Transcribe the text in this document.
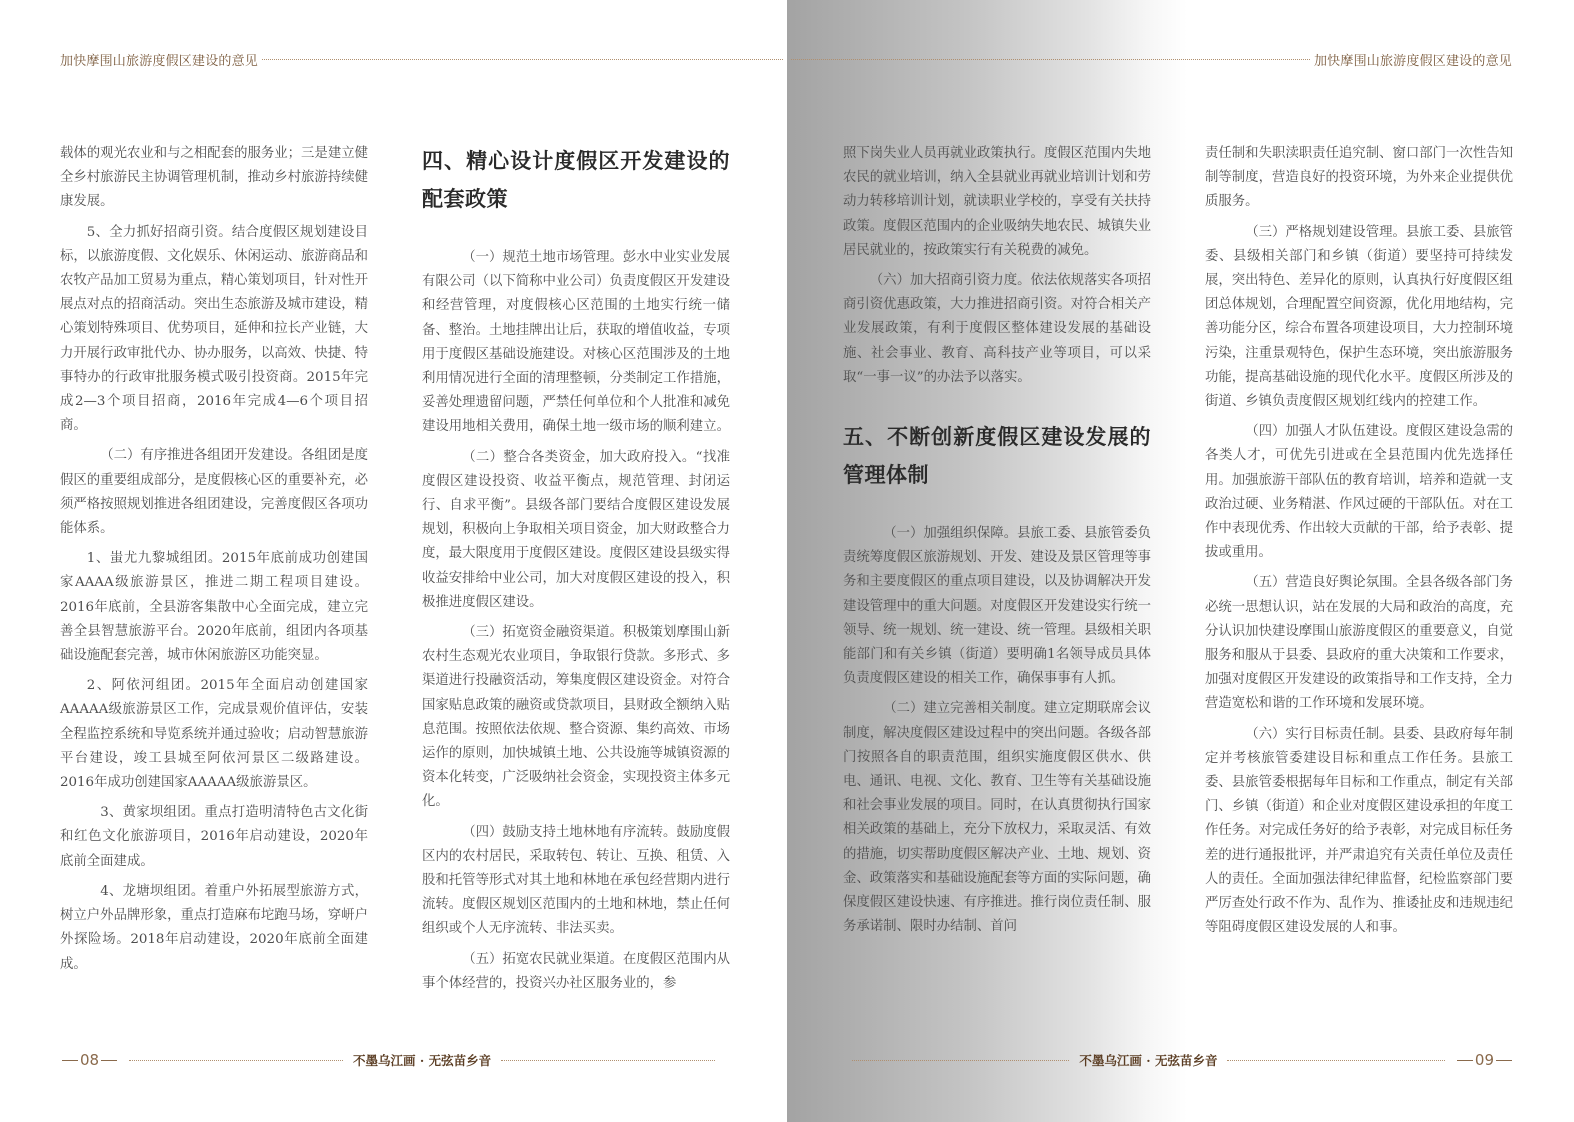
加快摩围山旅游度假区建设的意见

载体的观光农业和与之相配套的服务业；三是建立健全乡村旅游民主协调管理机制，推动乡村旅游持续健康发展。

5、全力抓好招商引资。结合度假区规划建设目标，以旅游度假、文化娱乐、休闲运动、旅游商品和农牧产品加工贸易为重点，精心策划项目，针对性开展点对点的招商活动。突出生态旅游及城市建设，精心策划特殊项目、优势项目，延伸和拉长产业链，大力开展行政审批代办、协办服务，以高效、快捷、特事特办的行政审批服务模式吸引投资商。2015年完成2—3个项目招商，2016年完成4—6个项目招商。

（二）有序推进各组团开发建设。各组团是度假区的重要组成部分，是度假核心区的重要补充，必须严格按照规划推进各组团建设，完善度假区各项功能体系。

1、蚩尤九黎城组团。2015年底前成功创建国家AAAA级旅游景区，推进二期工程项目建设。2016年底前，全县游客集散中心全面完成，建立完善全县智慧旅游平台。2020年底前，组团内各项基础设施配套完善，城市休闲旅游区功能突显。

2、阿依河组团。2015年全面启动创建国家AAAAA级旅游景区工作，完成景观价值评估，安装全程监控系统和导览系统并通过验收；启动智慧旅游平台建设，竣工县城至阿依河景区二级路建设。2016年成功创建国家AAAAA级旅游景区。

3、黄家坝组团。重点打造明清特色古文化街和红色文化旅游项目，2016年启动建设，2020年底前全面建成。

4、龙塘坝组团。着重户外拓展型旅游方式，树立户外品牌形象，重点打造麻布坨跑马场，穿岍户外探险场。2018年启动建设，2020年底前全面建成。

四、精心设计度假区开发建设的配套政策

（一）规范土地市场管理。彭水中业实业发展有限公司（以下简称中业公司）负责度假区开发建设和经营管理，对度假核心区范围的土地实行统一储备、整治。土地挂牌出让后，获取的增值收益，专项用于度假区基础设施建设。对核心区范围涉及的土地利用情况进行全面的清理整顿，分类制定工作措施，妥善处理遗留问题，严禁任何单位和个人批准和减免建设用地相关费用，确保土地一级市场的顺利建立。

（二）整合各类资金，加大政府投入。“找准度假区建设投资、收益平衡点，规范管理、封闭运行、自求平衡”。县级各部门要结合度假区建设发展规划，积极向上争取相关项目资金，加大财政整合力度，最大限度用于度假区建设。度假区建设县级实得收益安排给中业公司，加大对度假区建设的投入，积极推进度假区建设。

（三）拓宽资金融资渠道。积极策划摩围山新农村生态观光农业项目，争取银行贷款。多形式、多渠道进行投融资活动，筹集度假区建设资金。对符合国家贴息政策的融资或贷款项目，县财政全额纳入贴息范围。按照依法依规、整合资源、集约高效、市场运作的原则，加快城镇土地、公共设施等城镇资源的资本化转变，广泛吸纳社会资金，实现投资主体多元化。

（四）鼓励支持土地林地有序流转。鼓励度假区内的农村居民，采取转包、转让、互换、租赁、入股和托管等形式对其土地和林地在承包经营期内进行流转。度假区规划区范围内的土地和林地，禁止任何组织或个人无序流转、非法买卖。

（五）拓宽农民就业渠道。在度假区范围内从事个体经营的，投资兴办社区服务业的，参

08	不墨乌江画 · 无弦苗乡音
加快摩围山旅游度假区建设的意见

照下岗失业人员再就业政策执行。度假区范围内失地农民的就业培训，纳入全县就业再就业培训计划和劳动力转移培训计划，就读职业学校的，享受有关扶持政策。度假区范围内的企业吸纳失地农民、城镇失业居民就业的，按政策实行有关税费的减免。

（六）加大招商引资力度。依法依规落实各项招商引资优惠政策，大力推进招商引资。对符合相关产业发展政策，有利于度假区整体建设发展的基础设施、社会事业、教育、高科技产业等项目，可以采取“一事一议”的办法予以落实。

五、不断创新度假区建设发展的管理体制

（一）加强组织保障。县旅工委、县旅管委负责统筹度假区旅游规划、开发、建设及景区管理等事务和主要度假区的重点项目建设，以及协调解决开发建设管理中的重大问题。对度假区开发建设实行统一领导、统一规划、统一建设、统一管理。县级相关职能部门和有关乡镇（街道）要明确1名领导成员具体负责度假区建设的相关工作，确保事事有人抓。

（二）建立完善相关制度。建立定期联席会议制度，解决度假区建设过程中的突出问题。各级各部门按照各自的职责范围，组织实施度假区供水、供电、通讯、电视、文化、教育、卫生等有关基础设施和社会事业发展的项目。同时，在认真贯彻执行国家相关政策的基础上，充分下放权力，采取灵活、有效的措施，切实帮助度假区解决产业、土地、规划、资金、政策落实和基础设施配套等方面的实际问题，确保度假区建设快速、有序推进。推行岗位责任制、服务承诺制、限时办结制、首问

责任制和失职渎职责任追究制、窗口部门一次性告知制等制度，营造良好的投资环境，为外来企业提供优质服务。

（三）严格规划建设管理。县旅工委、县旅管委、县级相关部门和乡镇（街道）要坚持可持续发展，突出特色、差异化的原则，认真执行好度假区组团总体规划，合理配置空间资源，优化用地结构，完善功能分区，综合布置各项建设项目，大力控制环境污染，注重景观特色，保护生态环境，突出旅游服务功能，提高基础设施的现代化水平。度假区所涉及的街道、乡镇负责度假区规划红线内的控建工作。

（四）加强人才队伍建设。度假区建设急需的各类人才，可优先引进或在全县范围内优先选择任用。加强旅游干部队伍的教育培训，培养和造就一支政治过硬、业务精湛、作风过硬的干部队伍。对在工作中表现优秀、作出较大贡献的干部，给予表彰、提拔或重用。

（五）营造良好舆论氛围。全县各级各部门务必统一思想认识，站在发展的大局和政治的高度，充分认识加快建设摩围山旅游度假区的重要意义，自觉服务和服从于县委、县政府的重大决策和工作要求，加强对度假区开发建设的政策指导和工作支持，全力营造宽松和谐的工作环境和发展环境。

（六）实行目标责任制。县委、县政府每年制定并考核旅管委建设目标和重点工作任务。县旅工委、县旅管委根据每年目标和工作重点，制定有关部门、乡镇（街道）和企业对度假区建设承担的年度工作任务。对完成任务好的给予表彰，对完成目标任务差的进行通报批评，并严肃追究有关责任单位及责任人的责任。全面加强法律纪律监督，纪检监察部门要严厉查处行政不作为、乱作为、推诿扯皮和违规违纪等阻碍度假区建设发展的人和事。

不墨乌江画 · 无弦苗乡音	09
